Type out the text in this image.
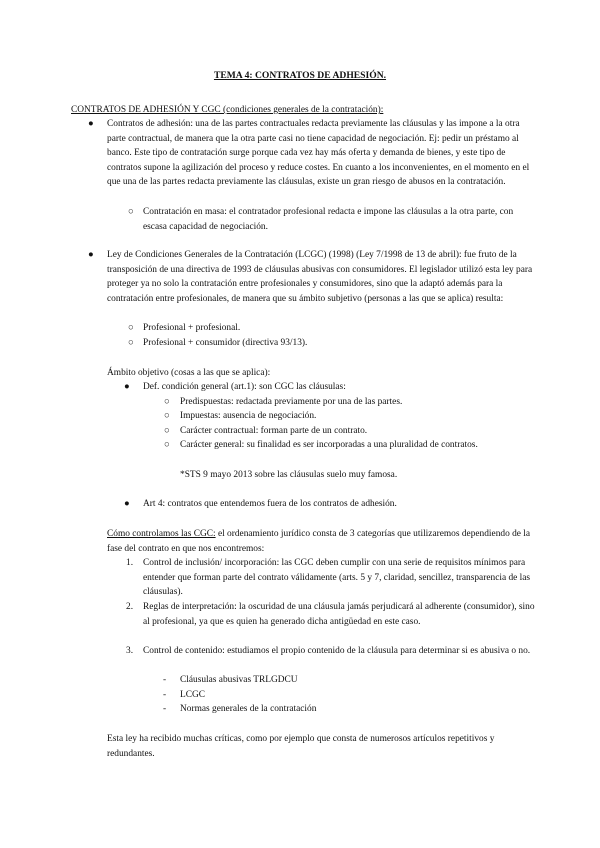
TEMA 4: CONTRATOS DE ADHESIÓN.
CONTRATOS DE ADHESIÓN Y CGC (condiciones generales de la contratación):
● Contratos de adhesión: una de las partes contractuales redacta previamente las cláusulas y las impone a la otra parte contractual, de manera que la otra parte casi no tiene capacidad de negociación. Ej: pedir un préstamo al banco. Este tipo de contratación surge porque cada vez hay más oferta y demanda de bienes, y este tipo de contratos supone la agilización del proceso y reduce costes. En cuanto a los inconvenientes, en el momento en el que una de las partes redacta previamente las cláusulas, existe un gran riesgo de abusos en la contratación.

○ Contratación en masa: el contratador profesional redacta e impone las cláusulas a la otra parte, con escasa capacidad de negociación.

● Ley de Condiciones Generales de la Contratación (LCGC) (1998) (Ley 7/1998 de 13 de abril): fue fruto de la transposición de una directiva de 1993 de cláusulas abusivas con consumidores. El legislador utilizó esta ley para proteger ya no solo la contratación entre profesionales y consumidores, sino que la adaptó además para la contratación entre profesionales, de manera que su ámbito subjetivo (personas a las que se aplica) resulta:

○ Profesional + profesional.

○ Profesional + consumidor (directiva 93/13).

Ámbito objetivo (cosas a las que se aplica):
● Def. condición general (art.1): son CGC las cláusulas:

○ Predispuestas: redactada previamente por una de las partes.

○ Impuestas: ausencia de negociación.

○ Carácter contractual: forman parte de un contrato.

○ Carácter general: su finalidad es ser incorporadas a una pluralidad de contratos.

*STS 9 mayo 2013 sobre las cláusulas suelo muy famosa.
● Art 4: contratos que entendemos fuera de los contratos de adhesión.

Cómo controlamos las CGC: el ordenamiento jurídico consta de 3 categorías que utilizaremos dependiendo de la fase del contrato en que nos encontremos:
1. Control de inclusión/ incorporación: las CGC deben cumplir con una serie de requisitos mínimos para entender que forman parte del contrato válidamente (arts. 5 y 7, claridad, sencillez, transparencia de las cláusulas).

2. Reglas de interpretación: la oscuridad de una cláusula jamás perjudicará al adherente (consumidor), sino al profesional, ya que es quien ha generado dicha antigüedad en este caso.

3. Control de contenido: estudiamos el propio contenido de la cláusula para determinar si es abusiva o no.

- Cláusulas abusivas TRLGDCU

- LCGC

- Normas generales de la contratación

Esta ley ha recibido muchas críticas, como por ejemplo que consta de numerosos artículos repetitivos y redundantes.
